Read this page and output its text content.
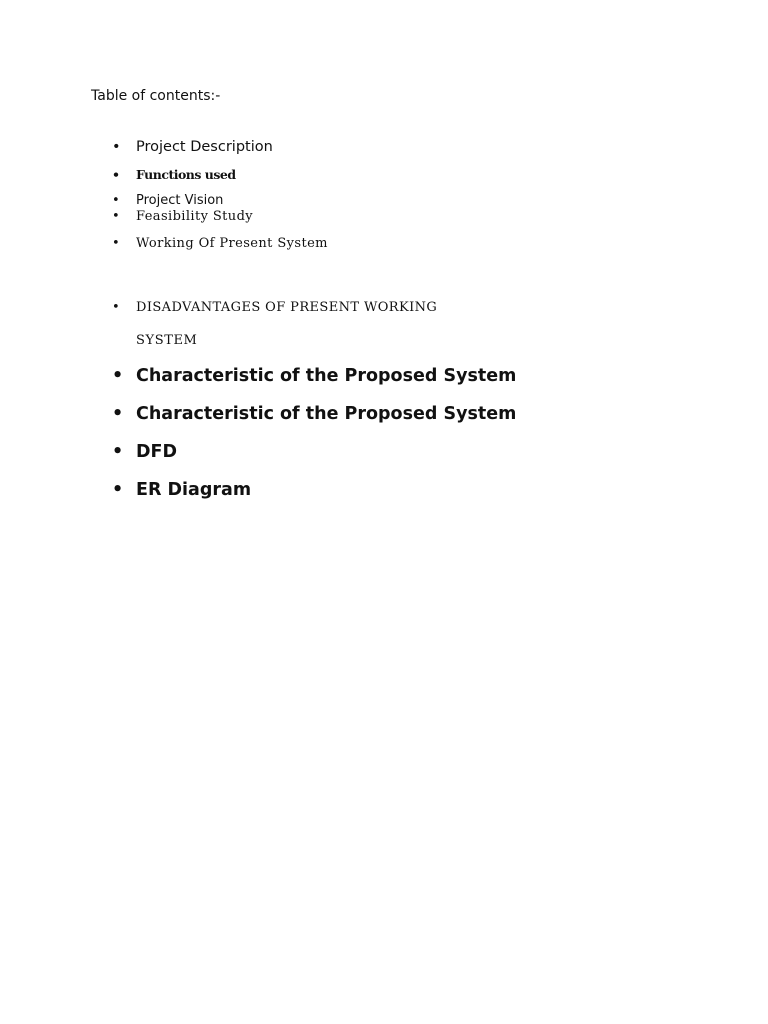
Table of contents:-
• Project Description
• Functions used
• Project Vision
• Feasibility Study
• Working Of Present System
• DISADVANTAGES OF PRESENT WORKING
SYSTEM
• Characteristic of the Proposed System
• Characteristic of the Proposed System
• DFD
• ER Diagram
